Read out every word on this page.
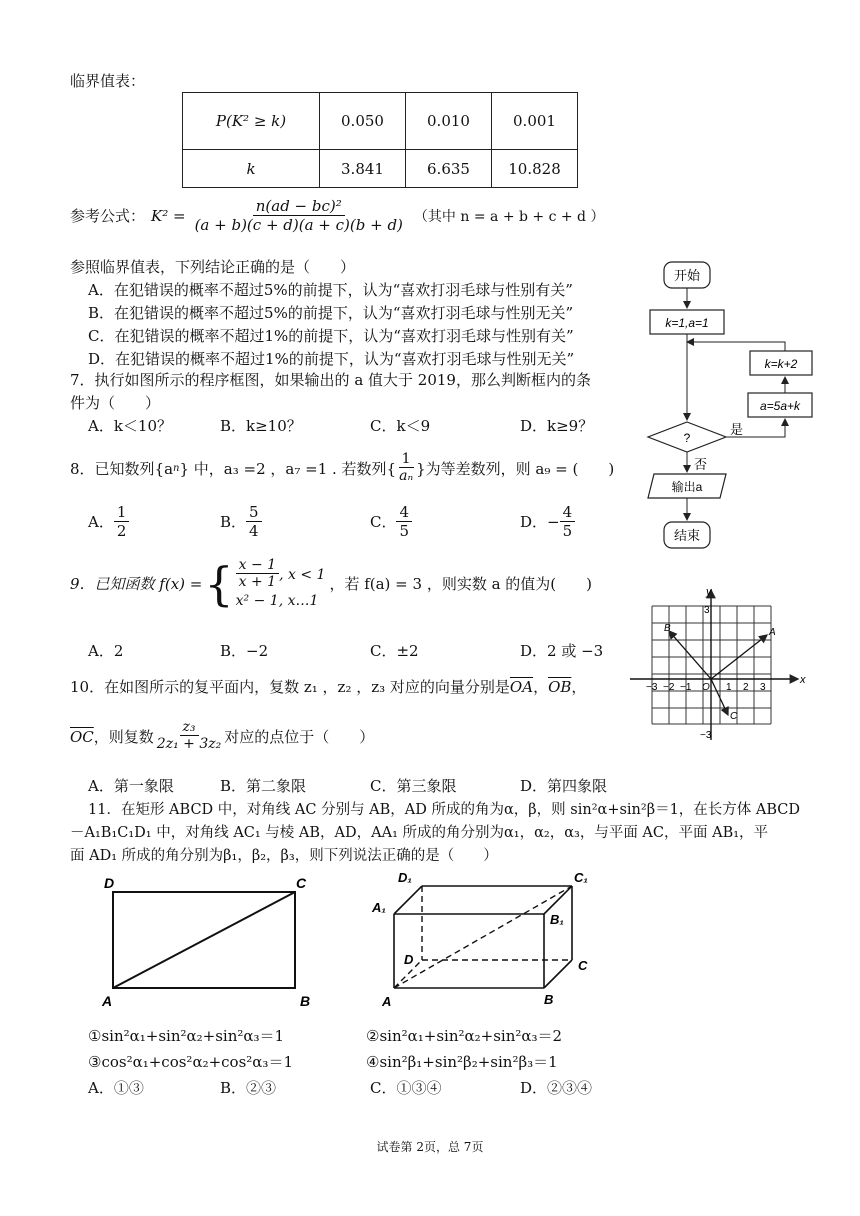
临界值表：
P(K² ≥ k)	0.050	0.010	0.001
k	3.841	6.635	10.828
参考公式： $K^2 = \frac{\text{n(ad − bc)²}}{(a + b)(c + d)(a + c)(b + d)}$ （其中 n = a + b + c + d ）
参照临界值表，下列结论正确的是（　　）
A．在犯错误的概率不超过5%的前提下，认为“喜欢打羽毛球与性别有关”
B．在犯错误的概率不超过5%的前提下，认为“喜欢打羽毛球与性别无关”
C．在犯错误的概率不超过1%的前提下，认为“喜欢打羽毛球与性别有关”
D．在犯错误的概率不超过1%的前提下，认为“喜欢打羽毛球与性别无关”
7．执行如图所示的程序框图，如果输出的 a 值大于 2019，那么判断框内的条
件为（　　）
A．k＜10？	B．k≥10？	C．k＜9	D．k≥9？
开始
k=1,a=1
k=k+2
a=5a+k
?
是
否
输出a
结束
8．已知数列{a n } 中，a₃ =2 ，a₇ =1 . 若数列{ $\frac{1}{\text{aₙ}}$ }为等差数列，则 a₉ = (　　)
A． $\frac{1}{2}$	B． $\frac{5}{4}$	C． $\frac{4}{5}$	D． − $\frac{4}{5}$
9．已知函数 f(x) = { $\frac{x - 1}{x + 1}$ , x < 1
x² − 1, x…1
，若 f(a) = 3 ，则实数 a 的值为(　　)
A．2	B．−2	C．±2	D．2 或 −3
y
x
3
−3
−3 −2 −1 O 1 2 3
B	A
C
10．在如图所示的复平面内，复数 z₁ ，z₂ ，z₃ 对应的向量分别是 $\overline{OA}$ ， $\overline{OB}$ ，
$\overline{OC}$ ，则复数 $\frac{\text{z₃}}{\text{2z₁ + 3z₂}}$ 对应的点位于（　　）
A．第一象限	B．第二象限	C．第三象限	D．第四象限
11．在矩形 ABCD 中，对角线 AC 分别与 AB，AD 所成的角为α，β，则 sin²α+sin²β＝1，在长方体 ABCD
－A₁B₁C₁D₁ 中，对角线 AC₁ 与棱 AB，AD，AA₁ 所成的角分别为α₁，α₂，α₃，与平面 AC，平面 AB₁，平
面 AD₁ 所成的角分别为β₁，β₂，β₃，则下列说法正确的是（　　）
D	C
A	B
D₁	C₁
A₁
B₁
D	C
A	B
①sin²α₁+sin²α₂+sin²α₃＝1	②sin²α₁+sin²α₂+sin²α₃＝2
③cos²α₁+cos²α₂+cos²α₃＝1	④sin²β₁+sin²β₂+sin²β₃＝1
A．①③	B．②③	C．①③④	D．②③④
试卷第 2页，总 7页
